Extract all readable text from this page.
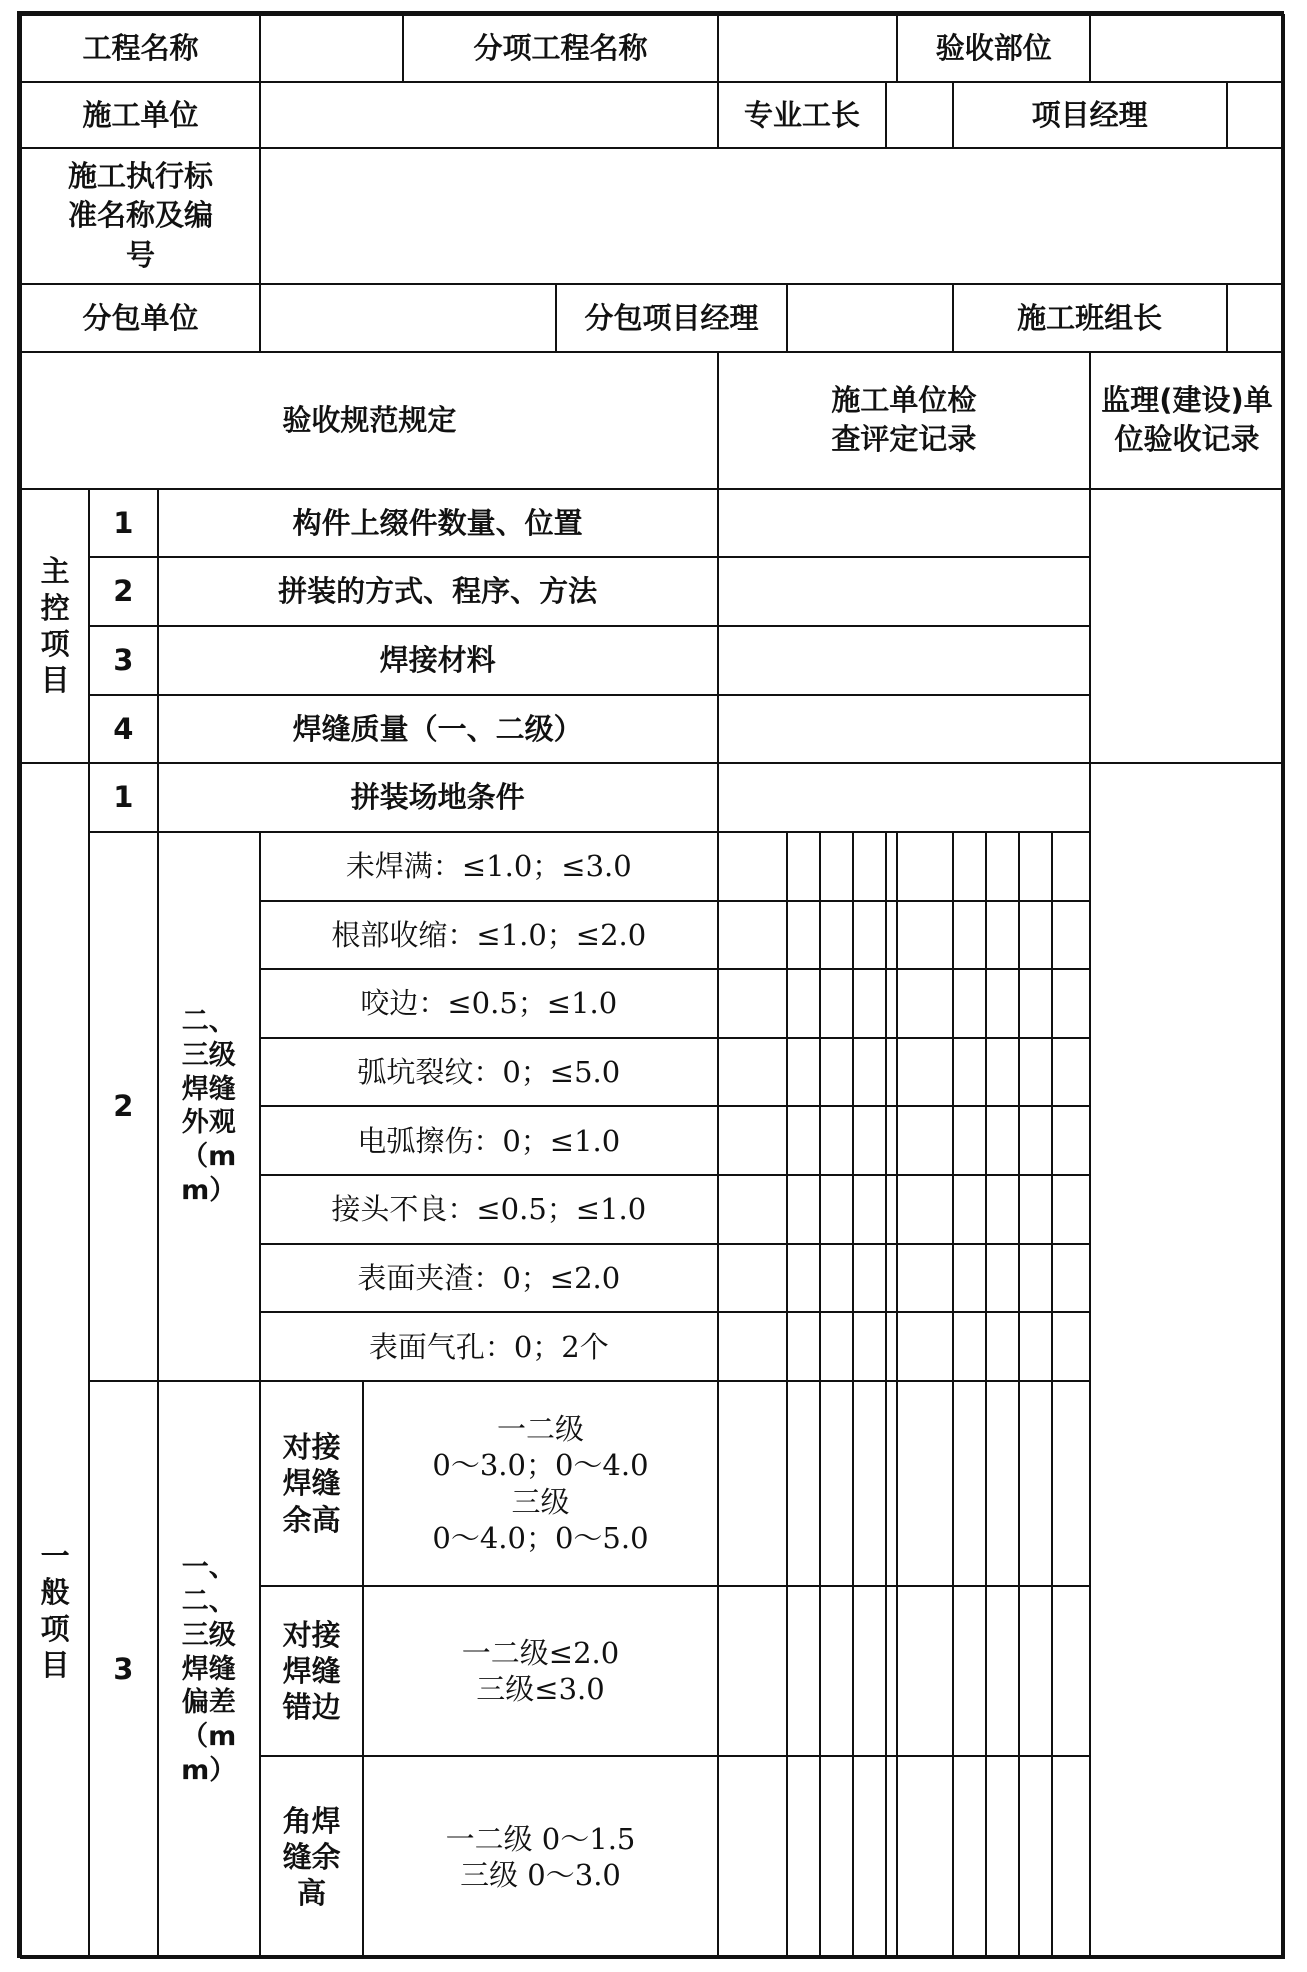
工程名称					分项工程名称							验收部位						
施工单位							专业工长						项目经理					
施工执行标准名称及编号																		
分包单位						分包项目经理							施工班组长					
验收规范规定							施工单位检查评定记录										监理(建设)单位验收记录	
主控项目	1	构件上缀件数量、位置																
	2	拼装的方式、程序、方法																
	3	焊接材料																
	4	焊缝质量（一、二级）																
一般项目	1	拼装场地条件																
	2	二、三级焊缝外观（mm）	未焊满：≤1.0；≤3.0															
			根部收缩：≤1.0；≤2.0															
			咬边：≤0.5；≤1.0															
			弧坑裂纹：0；≤5.0															
			电弧擦伤：0；≤1.0															
			接头不良：≤0.5；≤1.0															
			表面夹渣：0；≤2.0															
			表面气孔：0；2个															
	3	一、二、三级焊缝偏差（mm）	对接焊缝余高	一二级
0～3.0；0～4.0
三级
0～4.0；0～5.0														

			对接焊缝错边	一二级≤2.0
三级≤3.0														

			角焊缝余高	一二级 0～1.5
三级 0～3.0														
